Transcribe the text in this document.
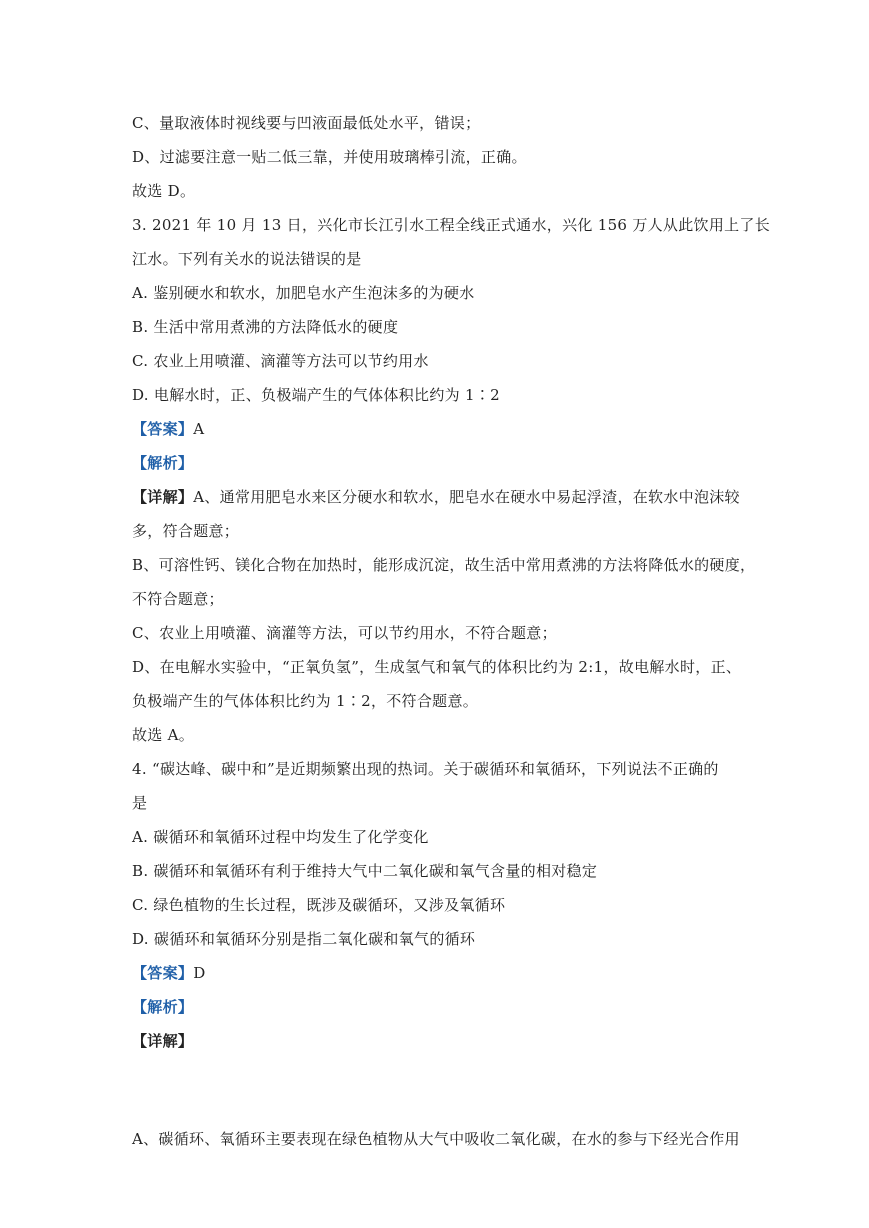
C、量取液体时视线要与凹液面最低处水平，错误；
D、过滤要注意一贴二低三靠，并使用玻璃棒引流，正确。
故选 D。
3. 2021 年 10 月 13 日，兴化市长江引水工程全线正式通水，兴化 156 万人从此饮用上了长
江水。下列有关水的说法错误的是
A. 鉴别硬水和软水，加肥皂水产生泡沫多的为硬水
B. 生活中常用煮沸的方法降低水的硬度
C. 农业上用喷灌、滴灌等方法可以节约用水
D. 电解水时，正、负极端产生的气体体积比约为 1∶2
【答案】A
【解析】
【详解】A、通常用肥皂水来区分硬水和软水，肥皂水在硬水中易起浮渣，在软水中泡沫较
多，符合题意；
B、可溶性钙、镁化合物在加热时，能形成沉淀，故生活中常用煮沸的方法将降低水的硬度，
不符合题意；
C、农业上用喷灌、滴灌等方法，可以节约用水，不符合题意；
D、在电解水实验中，“正氧负氢”，生成氢气和氧气的体积比约为 2:1，故电解水时，正、
负极端产生的气体体积比约为 1∶2，不符合题意。
故选 A。
4. “碳达峰、碳中和”是近期频繁出现的热词。关于碳循环和氧循环，下列说法不正确的
是
A. 碳循环和氧循环过程中均发生了化学变化
B. 碳循环和氧循环有利于维持大气中二氧化碳和氧气含量的相对稳定
C. 绿色植物的生长过程，既涉及碳循环，又涉及氧循环
D. 碳循环和氧循环分别是指二氧化碳和氧气的循环
【答案】D
【解析】
【详解】
A、碳循环、氧循环主要表现在绿色植物从大气中吸收二氧化碳，在水的参与下经光合作用
